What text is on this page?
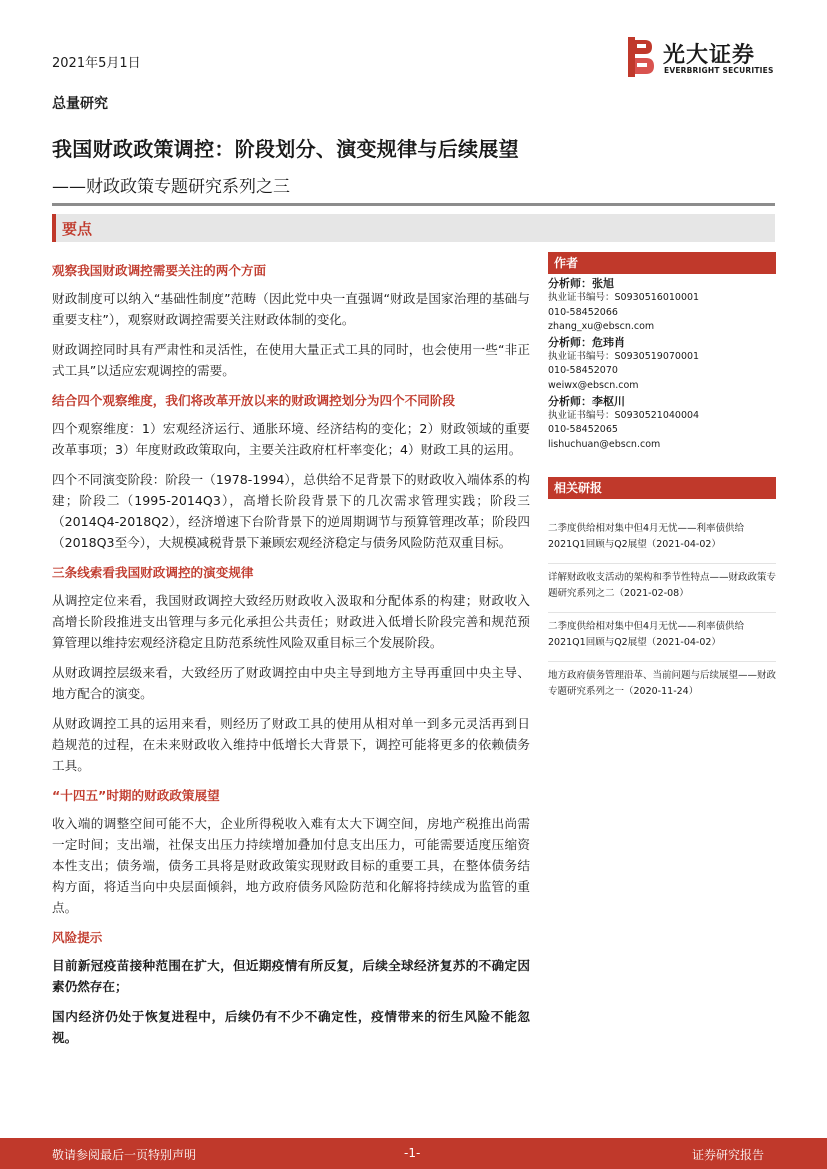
2021年5月1日	光大证券
EVERBRIGHT SECURITIES
总量研究
我国财政政策调控：阶段划分、演变规律与后续展望
——财政政策专题研究系列之三
要点

观察我国财政调控需要关注的两个方面

财政制度可以纳入“基础性制度”范畴（因此党中央一直强调“财政是国家治理的基础与重要支柱”），观察财政调控需要关注财政体制的变化。

财政调控同时具有严肃性和灵活性，在使用大量正式工具的同时，也会使用一些“非正式工具”以适应宏观调控的需要。

结合四个观察维度，我们将改革开放以来的财政调控划分为四个不同阶段

四个观察维度：1）宏观经济运行、通胀环境、经济结构的变化；2）财政领域的重要改革事项；3）年度财政政策取向，主要关注政府杠杆率变化；4）财政工具的运用。

四个不同演变阶段：阶段一（1978-1994），总供给不足背景下的财政收入端体系的构建；阶段二（1995-2014Q3），高增长阶段背景下的几次需求管理实践；阶段三（2014Q4-2018Q2），经济增速下台阶背景下的逆周期调节与预算管理改革；阶段四（2018Q3至今），大规模减税背景下兼顾宏观经济稳定与债务风险防范双重目标。

三条线索看我国财政调控的演变规律

从调控定位来看，我国财政调控大致经历财政收入汲取和分配体系的构建；财政收入高增长阶段推进支出管理与多元化承担公共责任；财政进入低增长阶段完善和规范预算管理以维持宏观经济稳定且防范系统性风险双重目标三个发展阶段。

从财政调控层级来看，大致经历了财政调控由中央主导到地方主导再重回中央主导、地方配合的演变。

从财政调控工具的运用来看，则经历了财政工具的使用从相对单一到多元灵活再到日趋规范的过程，在未来财政收入维持中低增长大背景下，调控可能将更多的依赖债务工具。

“十四五”时期的财政政策展望

收入端的调整空间可能不大，企业所得税收入难有太大下调空间，房地产税推出尚需一定时间；支出端，社保支出压力持续增加叠加付息支出压力，可能需要适度压缩资本性支出；债务端，债务工具将是财政政策实现财政目标的重要工具，在整体债务结构方面，将适当向中央层面倾斜，地方政府债务风险防范和化解将持续成为监管的重点。

风险提示

目前新冠疫苗接种范围在扩大，但近期疫情有所反复，后续全球经济复苏的不确定因素仍然存在；

国内经济仍处于恢复进程中，后续仍有不少不确定性，疫情带来的衍生风险不能忽视。

作者
分析师：张旭
执业证书编号：S0930516010001
010-58452066
zhang_xu@ebscn.com
分析师：危玮肖
执业证书编号：S0930519070001
010-58452070
weiwx@ebscn.com
分析师：李枢川
执业证书编号：S0930521040004
010-58452065
lishuchuan@ebscn.com
相关研报
二季度供给相对集中但4月无忧——利率债供给2021Q1回顾与Q2展望（2021-04-02）
详解财政收支活动的架构和季节性特点——财政政策专题研究系列之二（2021-02-08）
二季度供给相对集中但4月无忧——利率债供给2021Q1回顾与Q2展望（2021-04-02）
地方政府债务管理沿革、当前问题与后续展望——财政专题研究系列之一（2020-11-24）
敬请参阅最后一页特别声明	-1-	证券研究报告
